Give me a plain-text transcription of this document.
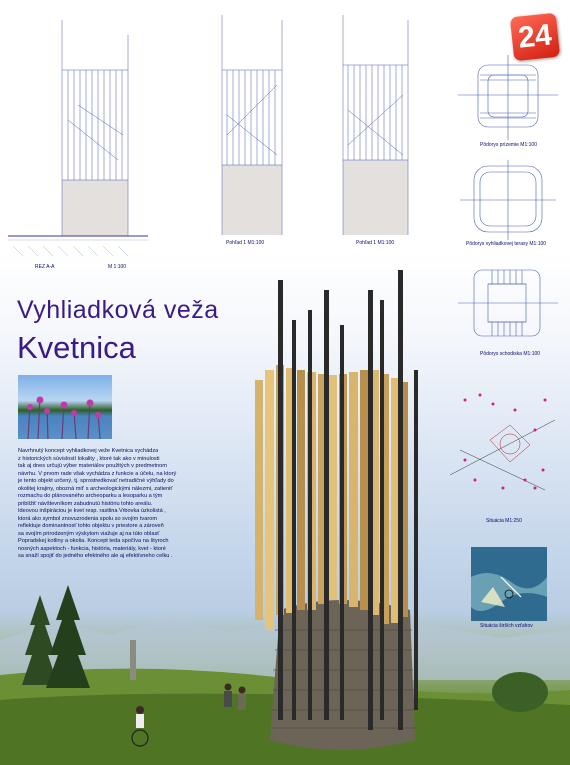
REZ A-A	M 1:100
Pohľad 1 M1:100	Pohľad 1 M1:100
Pôdorys prízemie M1:100
Pôdorys vyhliadkovej terasy M1:100
Pôdorys schodiska M1:100
Situácia M1:250
Situácia širších vzťahov
24
Vyhliadková veža
Kvetnica

Navrhnutý koncept vyhliadkovej veže Kvetnica vychádza

z historických súvislostí lokality , ktoré tak ako v minulosti

tak aj dnes určujú výber materiálov použitých v predmetnom

návrhu. V prvom rade však vychádza z funkcie a účelu, na ktorý

je tento objekt určený, tj. sprostredkovať netradičné výhľady do

okolitej krajiny, obozná mit' s archeologickými nálezmi, zatieniť

rozmachu do plánovaného archeoparku a lesoparku a tým

priblížiť návštevníkom zabudnutú históriu tohto areálu.

Ideovou inšpiráciou je kvet resp. rastlina Vrbovka úzkolistá ,

ktorá ako symbol znovuzrodenia spolu so svojím tvarom

reflektuje dominantnosť tohto objektu v priestore a zároveň

sa svojím prirodzeným výskytom viažuje aj na túto oblasť

Popradskej kotliny a okolia. Koncept teda spočíva na štyroch

nosných aspektoch - funkcia, história, materiály, kvet - ktoré

sa snaží spojiť do jedného efektného ale aj efektívneho celku .
